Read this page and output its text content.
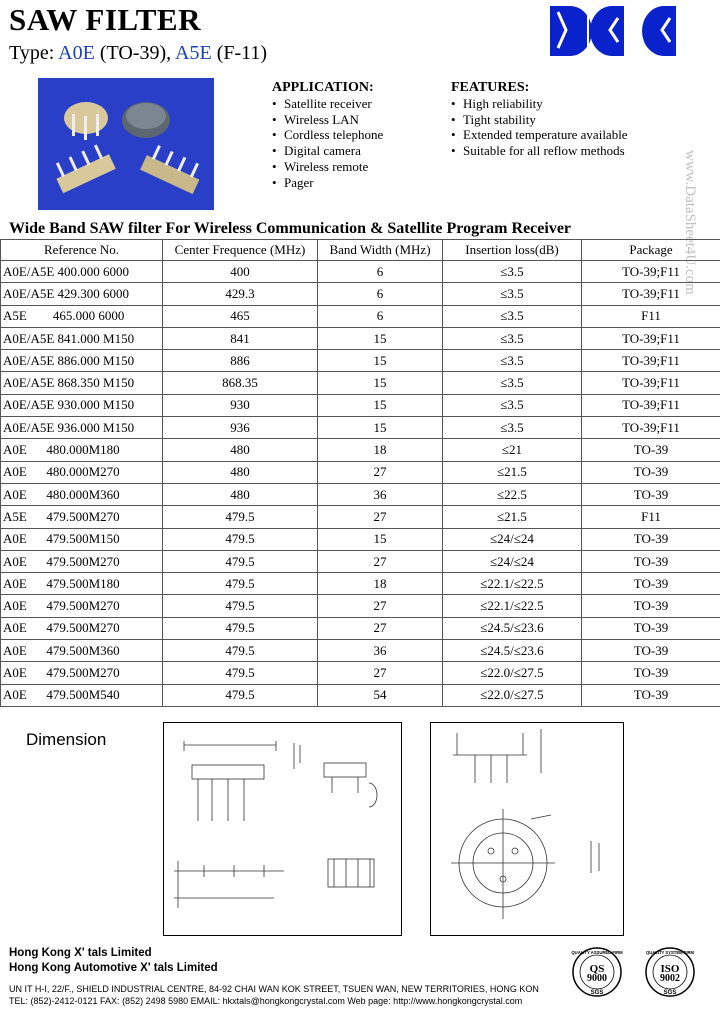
SAW FILTER
Type: A0E (TO-39), A5E (F-11)
APPLICATION:
• Satellite receiver
• Wireless LAN
• Cordless telephone
• Digital camera
• Wireless remote
• Pager
FEATURES:
• High reliability
• Tight stability
• Extended temperature available
• Suitable for all reflow methods	www.DataSheet4U.com
Wide Band SAW filter For Wireless Communication & Satellite Program Receiver
Reference No.	Center Frequence (MHz)	Band Width (MHz)	Insertion loss(dB)	Package
A0E/A5E 400.000 6000	400	6	≤3.5	TO-39;F11
A0E/A5E 429.300 6000	429.3	6	≤3.5	TO-39;F11
A5E        465.000 6000	465	6	≤3.5	F11
A0E/A5E 841.000 M150	841	15	≤3.5	TO-39;F11
A0E/A5E 886.000 M150	886	15	≤3.5	TO-39;F11
A0E/A5E 868.350 M150	868.35	15	≤3.5	TO-39;F11
A0E/A5E 930.000 M150	930	15	≤3.5	TO-39;F11
A0E/A5E 936.000 M150	936	15	≤3.5	TO-39;F11
A0E      480.000M180	480	18	≤21	TO-39
A0E      480.000M270	480	27	≤21.5	TO-39
A0E      480.000M360	480	36	≤22.5	TO-39
A5E      479.500M270	479.5	27	≤21.5	F11
A0E      479.500M150	479.5	15	≤24/≤24	TO-39
A0E      479.500M270	479.5	27	≤24/≤24	TO-39
A0E      479.500M180	479.5	18	≤22.1/≤22.5	TO-39
A0E      479.500M270	479.5	27	≤22.1/≤22.5	TO-39
A0E      479.500M270	479.5	27	≤24.5/≤23.6	TO-39
A0E      479.500M360	479.5	36	≤24.5/≤23.6	TO-39
A0E      479.500M270	479.5	27	≤22.0/≤27.5	TO-39
A0E      479.500M540	479.5	54	≤22.0/≤27.5	TO-39
Dimension
Hong Kong X' tals Limited
Hong Kong Automotive X' tals Limited
UN IT H-I, 22/F., SHIELD INDUSTRIAL CENTRE, 84-92 CHAI WAN KOK STREET, TSUEN WAN, NEW TERRITORIES, HONG KON
TEL: (852)-2412-0121 FAX: (852) 2498 5980 EMAIL: hkxtals@hongkongcrystal.com Web page: http://www.hongkongcrystal.com
QUALITY ASSURED FIRM
QS
9000
SGS
QUALITY SYSTEM FIRM
ISO
9002
SGS
